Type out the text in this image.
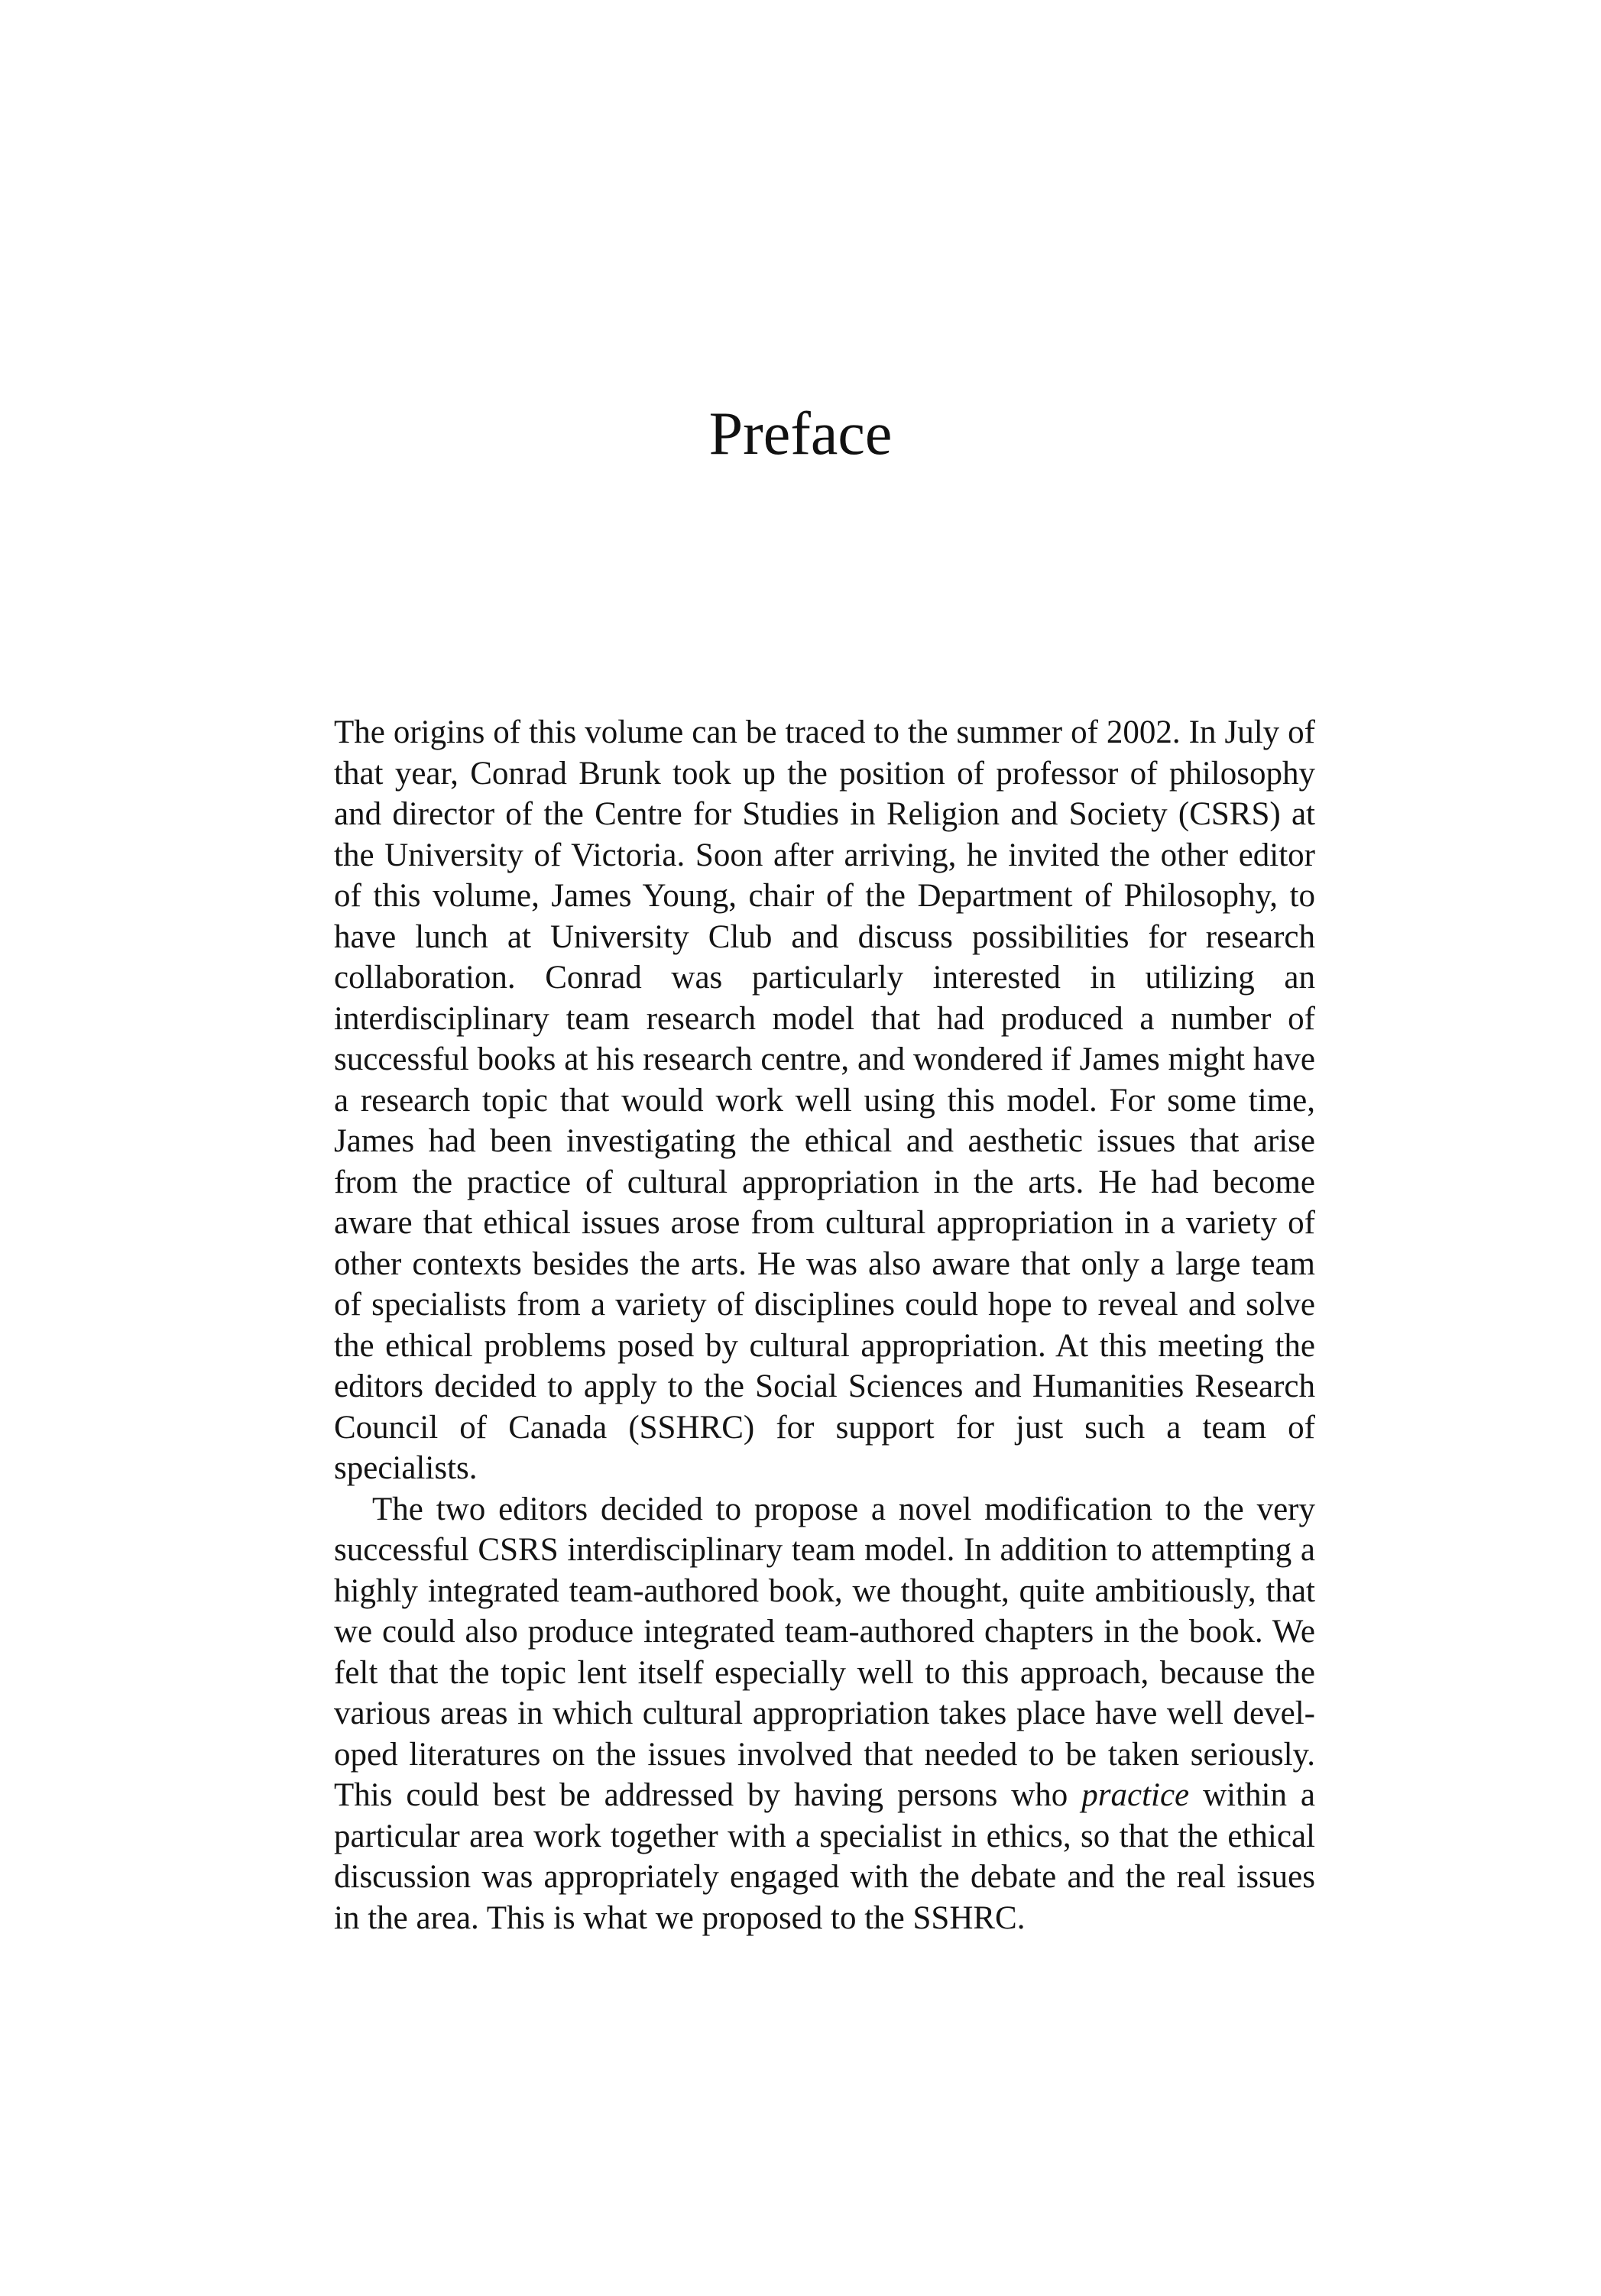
Preface

The origins of this volume can be traced to the summer of 2002. In July of that year, Conrad Brunk took up the position of professor of philosophy and director of the Centre for Studies in Religion and Society (CSRS) at the University of Victoria. Soon after arriving, he invited the other editor of this volume, James Young, chair of the Department of Philosophy, to have lunch at University Club and discuss possibilities for research collaboration. Conrad was particularly interested in utilizing an interdisciplinary team research model that had produced a number of successful books at his research centre, and wondered if James might have a research topic that would work well using this model. For some time, James had been investigating the ethical and aesthetic issues that arise from the practice of cultural appropriation in the arts. He had become aware that ethical issues arose from cultural appropriation in a variety of other contexts besides the arts. He was also aware that only a large team of specialists from a variety of disciplines could hope to reveal and solve the ethical problems posed by cultural appropriation. At this meeting the editors decided to apply to the Social Sciences and Humanities Research Council of Canada (SSHRC) for support for just such a team of specialists.

The two editors decided to propose a novel modification to the very successful CSRS interdisciplinary team model. In addition to attempting a highly integrated team-authored book, we thought, quite ambitiously, that we could also produce integrated team-authored chapters in the book. We felt that the topic lent itself especially well to this approach, because the various areas in which cultural appropriation takes place have well developed literatures on the issues involved that needed to be taken seriously. This could best be addressed by having persons who practice within a particular area work together with a specialist in ethics, so that the ethical discussion was appropriately engaged with the debate and the real issues in the area. This is what we proposed to the SSHRC.
